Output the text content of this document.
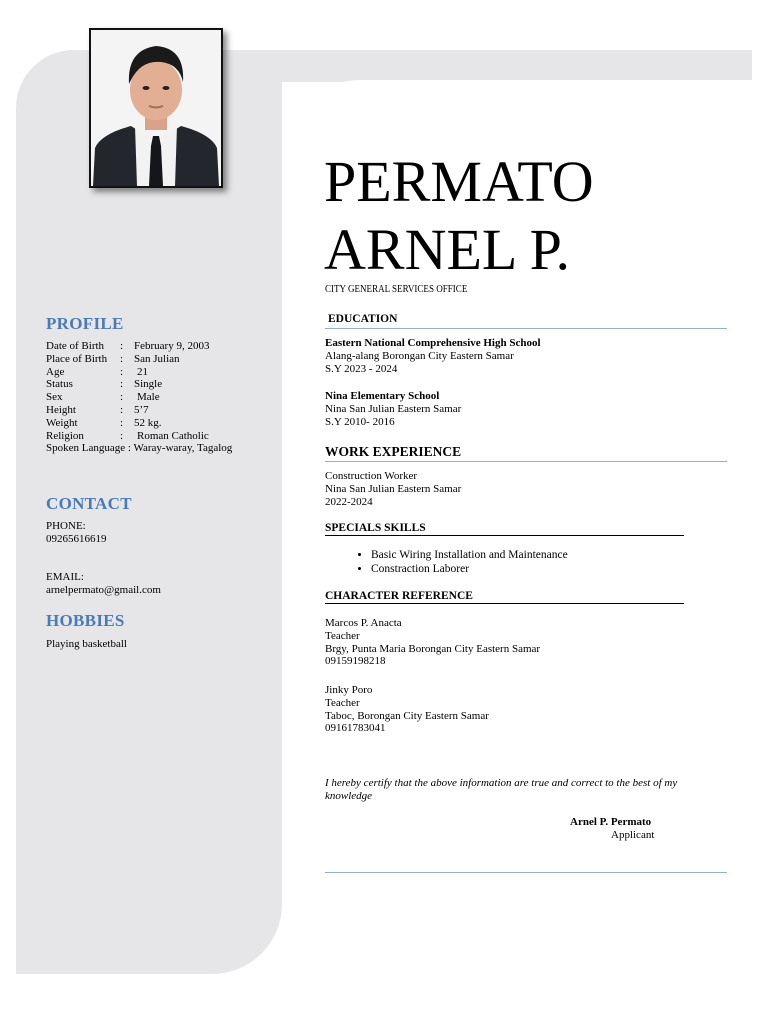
PROFILE
Date of Birth	: February 9, 2003
Place of Birth	: San Julian
Age	:	21
Status	: Single
Sex	:	Male
Height	: 5’7
Weight	: 52 kg.
Religion	:	Roman Catholic
Spoken Language : Waray-waray, Tagalog
CONTACT
PHONE:
09265616619
EMAIL:
arnelpermato@gmail.com
HOBBIES
Playing basketball
PERMATO
ARNEL P.
CITY GENERAL SERVICES OFFICE
EDUCATION
Eastern National Comprehensive High School
Alang-alang Borongan City Eastern Samar
S.Y 2023 - 2024
Nina Elementary School
Nina San Julian Eastern Samar
S.Y 2010- 2016
WORK EXPERIENCE
Construction Worker
Nina San Julian Eastern Samar
2022-2024
SPECIALS SKILLS
• Basic Wiring Installation and Maintenance
• Constraction Laborer
CHARACTER REFERENCE
Marcos P. Anacta
Teacher
Brgy, Punta Maria Borongan City Eastern Samar
09159198218
Jinky Poro
Teacher
Taboc, Borongan City Eastern Samar
09161783041
I hereby certify that the above information are true and correct to the best of my
knowledge
Arnel P. Permato
Applicant
